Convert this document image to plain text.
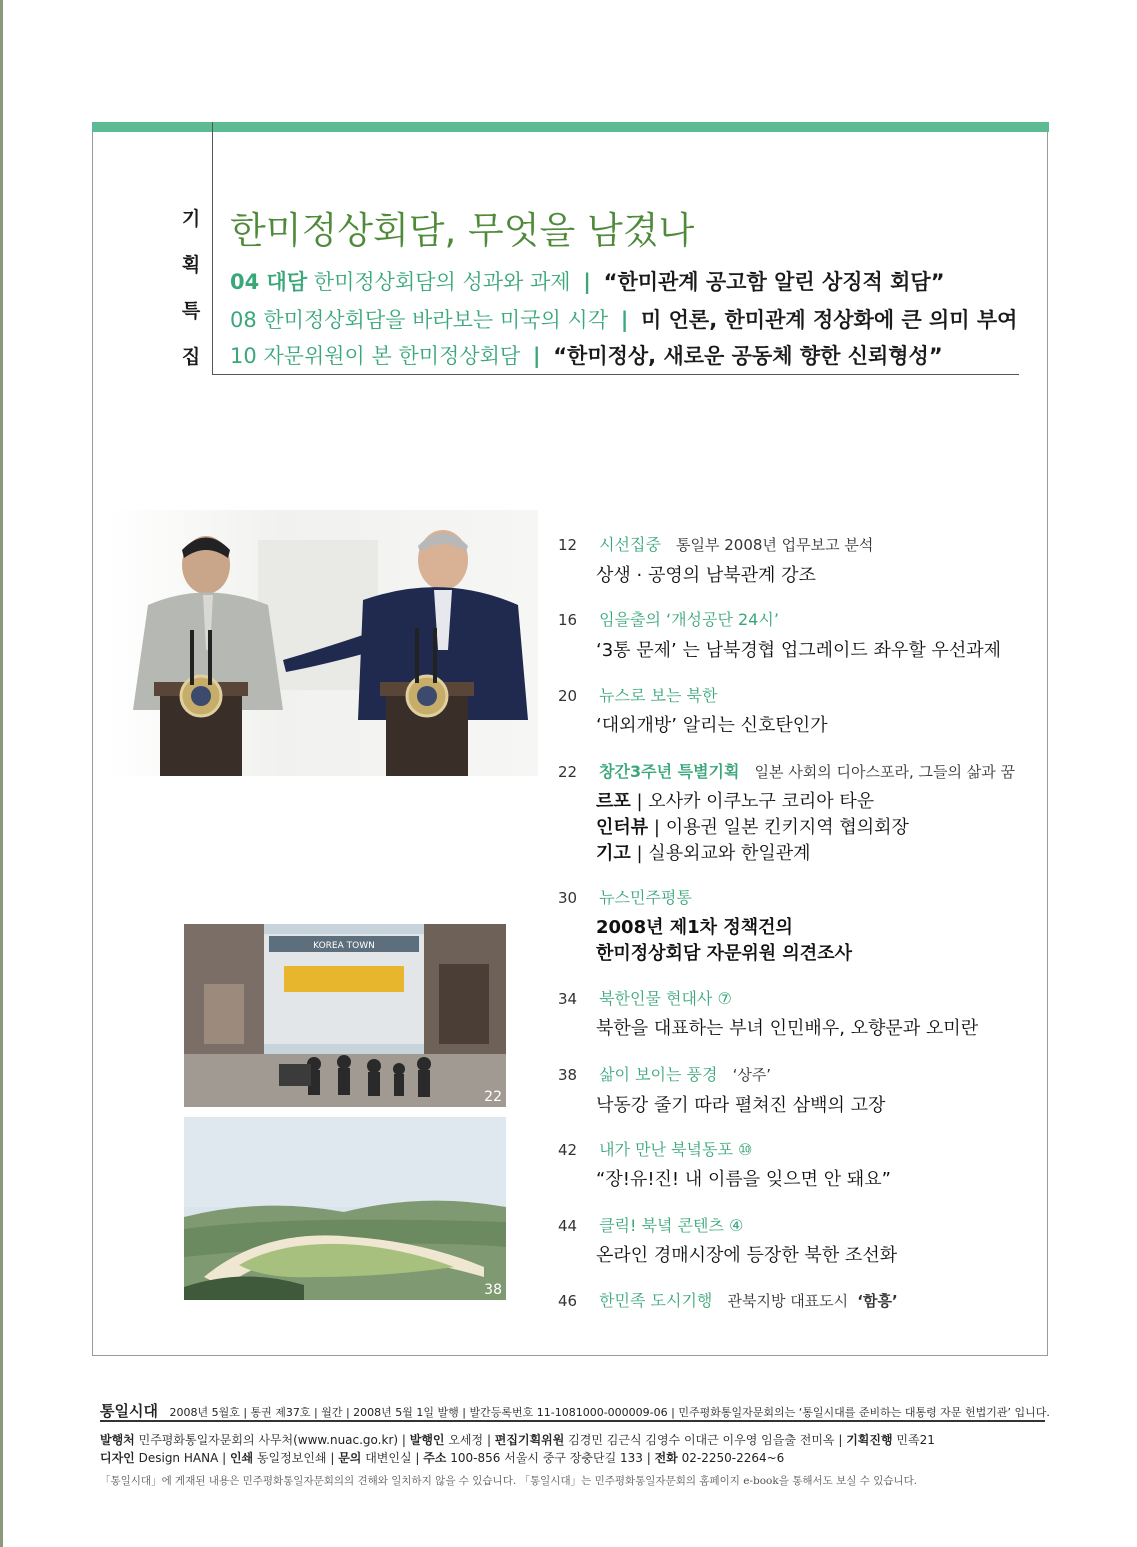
기
획
특
집
한미정상회담, 무엇을 남겼나
04 대담 한미정상회담의 성과와 과제 | “한미관계 공고함 알린 상징적 회담”
08 한미정상회담을 바라보는 미국의 시각 | 미 언론, 한미관계 정상화에 큰 의미 부여
10 자문위원이 본 한미정상회담 | “한미정상, 새로운 공동체 향한 신뢰형성”
12 시선집중 통일부 2008년 업무보고 분석
상생 · 공영의 남북관계 강조
16 임을출의 ‘개성공단 24시’
‘3통 문제’ 는 남북경협 업그레이드 좌우할 우선과제
20 뉴스로 보는 북한
‘대외개방’ 알리는 신호탄인가
22 창간3주년 특별기획 일본 사회의 디아스포라, 그들의 삶과 꿈
르포 | 오사카 이쿠노구 코리아 타운
인터뷰 | 이용권 일본 킨키지역 협의회장
기고 | 실용외교와 한일관계
30 뉴스민주평통
2008년 제1차 정책건의
한미정상회담 자문위원 의견조사
34 북한인물 현대사 ⑦
북한을 대표하는 부녀 인민배우, 오향문과 오미란
38 삶이 보이는 풍경 ‘상주’
낙동강 줄기 따라 펼쳐진 삼백의 고장
42 내가 만난 북녘동포 ⑩
“장!유!진! 내 이름을 잊으면 안 돼요”
44 클릭! 북녘 콘텐츠 ④
온라인 경매시장에 등장한 북한 조선화
46 한민족 도시기행 관북지방 대표도시 ‘함흥’
KOREA TOWN
22
38
통일시대 2008년 5월호 | 통권 제37호 | 월간 | 2008년 5월 1일 발행 | 발간등록번호 11-1081000-000009-06 | 민주평화통일자문회의는 ‘통일시대를 준비하는 대통령 자문 헌법기관’ 입니다.
발행처 민주평화통일자문회의 사무처(www.nuac.go.kr) | 발행인 오세정 | 편집기획위원 김경민 김근식 김영수 이대근 이우영 임을출 전미옥 | 기획진행 민족21
디자인 Design HANA | 인쇄 동일정보인쇄 | 문의 대변인실 | 주소 100-856 서울시 중구 장충단길 133 | 전화 02-2250-2264~6
「통일시대」에 게재된 내용은 민주평화통일자문회의의 견해와 일치하지 않을 수 있습니다. 「통일시대」는 민주평화통일자문회의 홈페이지 e-book을 통해서도 보실 수 있습니다.
